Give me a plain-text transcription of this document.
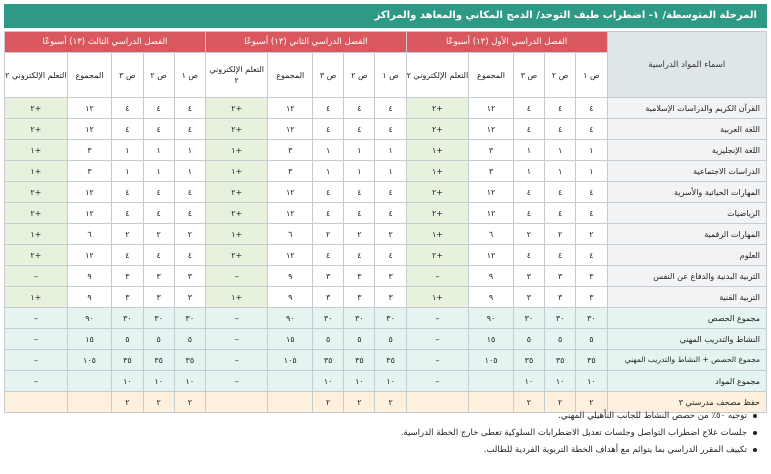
المرحلة المتوسطة/ ١- اضطراب طيف التوحد/ الدمج المكاني والمعاهد والمراكز
اسماء المواد الدراسية	الفصل الدراسي الأول (١٣) أسبوعًا					الفصل الدراسي الثاني (١٣) أسبوعًا					الفصل الدراسي الثالث (١٣) أسبوعًا				
	ص ١	ص ٢	ص ٣	المجموع	التعلم الإلكتروني ٢	ص ١	ص ٢	ص ٣	المجموع	التعلم الإلكتروني ٢	ص ١	ص ٢	ص ٣	المجموع	التعلم الإلكتروني ٢
القرآن الكريم والدراسات الإسلامية	٤	٤	٤	١٢	+٢	٤	٤	٤	١٢	+٢	٤	٤	٤	١٢	+٢
اللغة العربية	٤	٤	٤	١٢	+٢	٤	٤	٤	١٢	+٢	٤	٤	٤	١٢	+٢
اللغة الإنجليزية	١	١	١	٣	+١	١	١	١	٣	+١	١	١	١	٣	+١
الدراسات الاجتماعية	١	١	١	٣	+١	١	١	١	٣	+١	١	١	١	٣	+١
المهارات الحياتية والأسرية	٤	٤	٤	١٢	+٢	٤	٤	٤	١٢	+٢	٤	٤	٤	١٢	+٢
الرياضيات	٤	٤	٤	١٢	+٢	٤	٤	٤	١٢	+٢	٤	٤	٤	١٢	+٢
المهارات الرقمية	٢	٢	٢	٦	+١	٢	٢	٢	٦	+١	٢	٢	٢	٦	+١
العلوم	٤	٤	٤	١٢	+٢	٤	٤	٤	١٢	+٢	٤	٤	٤	١٢	+٢
التربية البدنية والدفاع عن النفس	٣	٣	٣	٩	–	٣	٣	٣	٩	–	٣	٣	٣	٩	–
التربية الفنية	٣	٣	٣	٩	+١	٣	٣	٣	٩	+١	٣	٣	٣	٩	+١
مجموع الحصص	٣٠	٣٠	٣٠	٩٠	–	٣٠	٣٠	٣٠	٩٠	–	٣٠	٣٠	٣٠	٩٠	–
النشاط والتدريب المهني	٥	٥	٥	١٥	–	٥	٥	٥	١٥	–	٥	٥	٥	١٥	–
مجموع الحصص + النشاط والتدريب المهني	٣٥	٣٥	٣٥	١٠٥	–	٣٥	٣٥	٣٥	١٠٥	–	٣٥	٣٥	٣٥	١٠٥	–
مجموع المواد	١٠	١٠	١٠		–	١٠	١٠	١٠		–	١٠	١٠	١٠		–
حفظ مصحف مدرستي ٣	٢	٢	٢			٢	٢	٢			٢	٢	٢		
توجيه ٥٠٪ من حصص النشاط للجانب التأهيلي المهني.
جلسات علاج اضطراب التواصل وجلسات تعديل الاضطرابات السلوكية تعطى خارج الخطة الدراسية.
تكييف المقرر الدراسي بما يتوائم مع أهداف الخطة التربوية الفردية للطالب.
